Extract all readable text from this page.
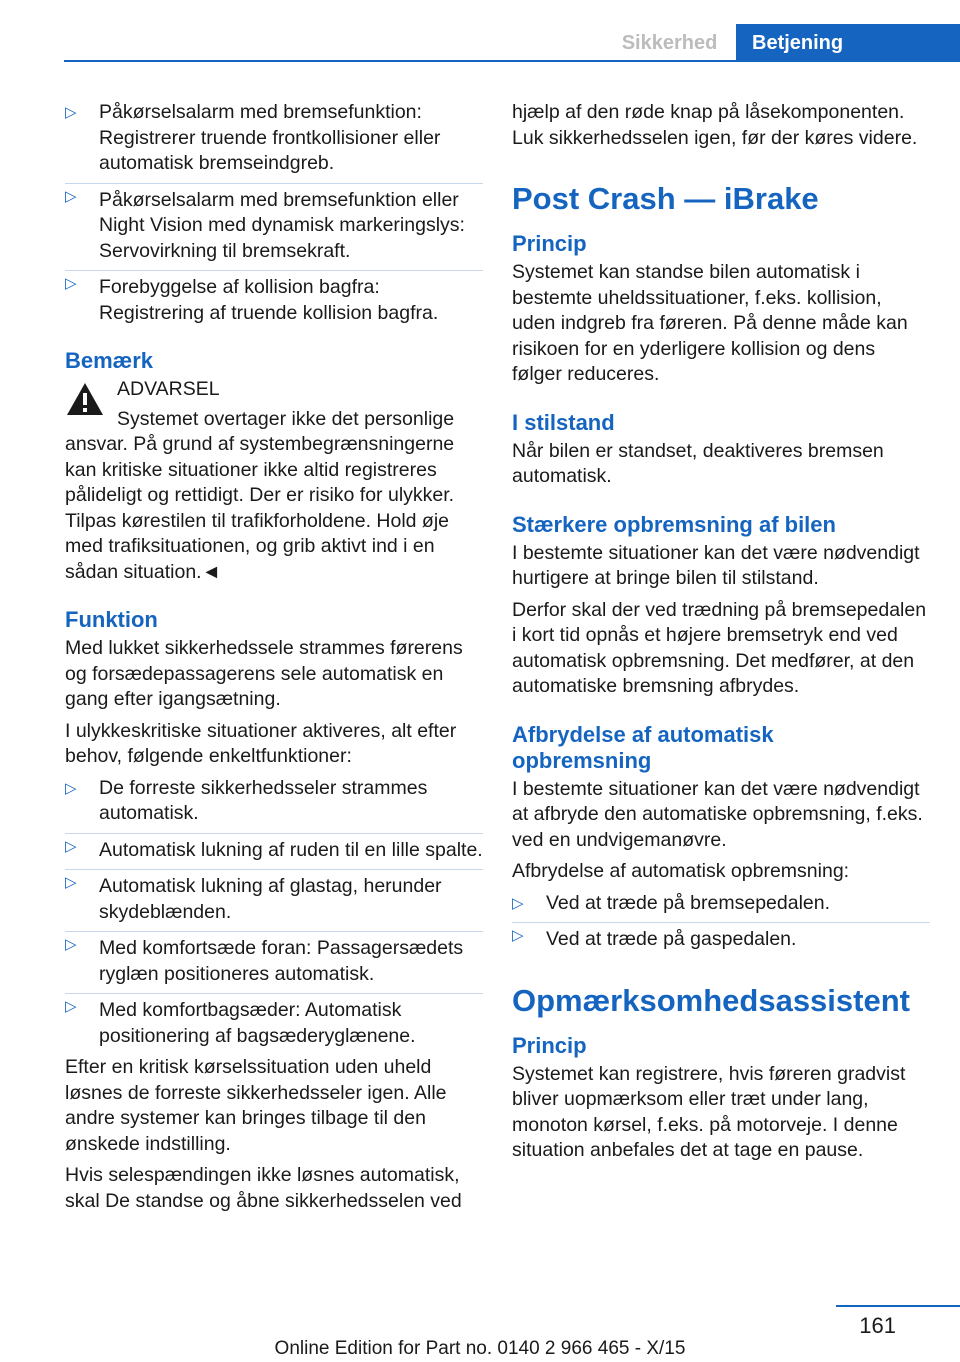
Sikkerhed	Betjening
▷ Påkørselsalarm med bremsefunktion: Registrerer truende frontkollisioner eller automatisk bremseindgreb.
▷ Påkørselsalarm med bremsefunktion eller Night Vision med dynamisk markeringslys: Servovirkning til bremsekraft.
▷ Forebyggelse af kollision bagfra: Registrering af truende kollision bagfra.
Bemærk

ADVARSEL

Systemet overtager ikke det personlige ansvar. På grund af systembegrænsningerne kan kritiske situationer ikke altid registreres pålideligt og rettidigt. Der er risiko for ulykker. Tilpas kørestilen til trafikforholdene. Hold øje med trafiksituationen, og grib aktivt ind i en sådan situation.◄

Funktion

Med lukket sikkerhedssele strammes førerens og forsædepassagerens sele automatisk en gang efter igangsætning.

I ulykkeskritiske situationer aktiveres, alt efter behov, følgende enkeltfunktioner:

▷ De forreste sikkerhedsseler strammes automatisk.
▷ Automatisk lukning af ruden til en lille spalte.
▷ Automatisk lukning af glastag, herunder skydeblænden.
▷ Med komfortsæde foran: Passagersædets ryglæn positioneres automatisk.
▷ Med komfortbagsæder: Automatisk positionering af bagsæderyglænene.

Efter en kritisk kørselssituation uden uheld løsnes de forreste sikkerhedsseler igen. Alle andre systemer kan bringes tilbage til den ønskede indstilling.

Hvis selespændingen ikke løsnes automatisk, skal De standse og åbne sikkerhedsselen ved

hjælp af den røde knap på låsekomponenten. Luk sikkerhedsselen igen, før der køres videre.

Post Crash — iBrake
Princip

Systemet kan standse bilen automatisk i bestemte uheldssituationer, f.eks. kollision, uden indgreb fra føreren. På denne måde kan risikoen for en yderligere kollision og dens følger reduceres.

I stilstand

Når bilen er standset, deaktiveres bremsen automatisk.

Stærkere opbremsning af bilen

I bestemte situationer kan det være nødvendigt hurtigere at bringe bilen til stilstand.

Derfor skal der ved trædning på bremsepedalen i kort tid opnås et højere bremsetryk end ved automatisk opbremsning. Det medfører, at den automatiske bremsning afbrydes.

Afbrydelse af automatisk opbremsning

I bestemte situationer kan det være nødvendigt at afbryde den automatiske opbremsning, f.eks. ved en undvigemanøvre.

Afbrydelse af automatisk opbremsning:

▷ Ved at træde på bremsepedalen.
▷ Ved at træde på gaspedalen.
Opmærksomhedsassistent
Princip

Systemet kan registrere, hvis føreren gradvist bliver uopmærksom eller træt under lang, monoton kørsel, f.eks. på motorveje. I denne situation anbefales det at tage en pause.

161
Online Edition for Part no. 0140 2 966 465 - X/15
